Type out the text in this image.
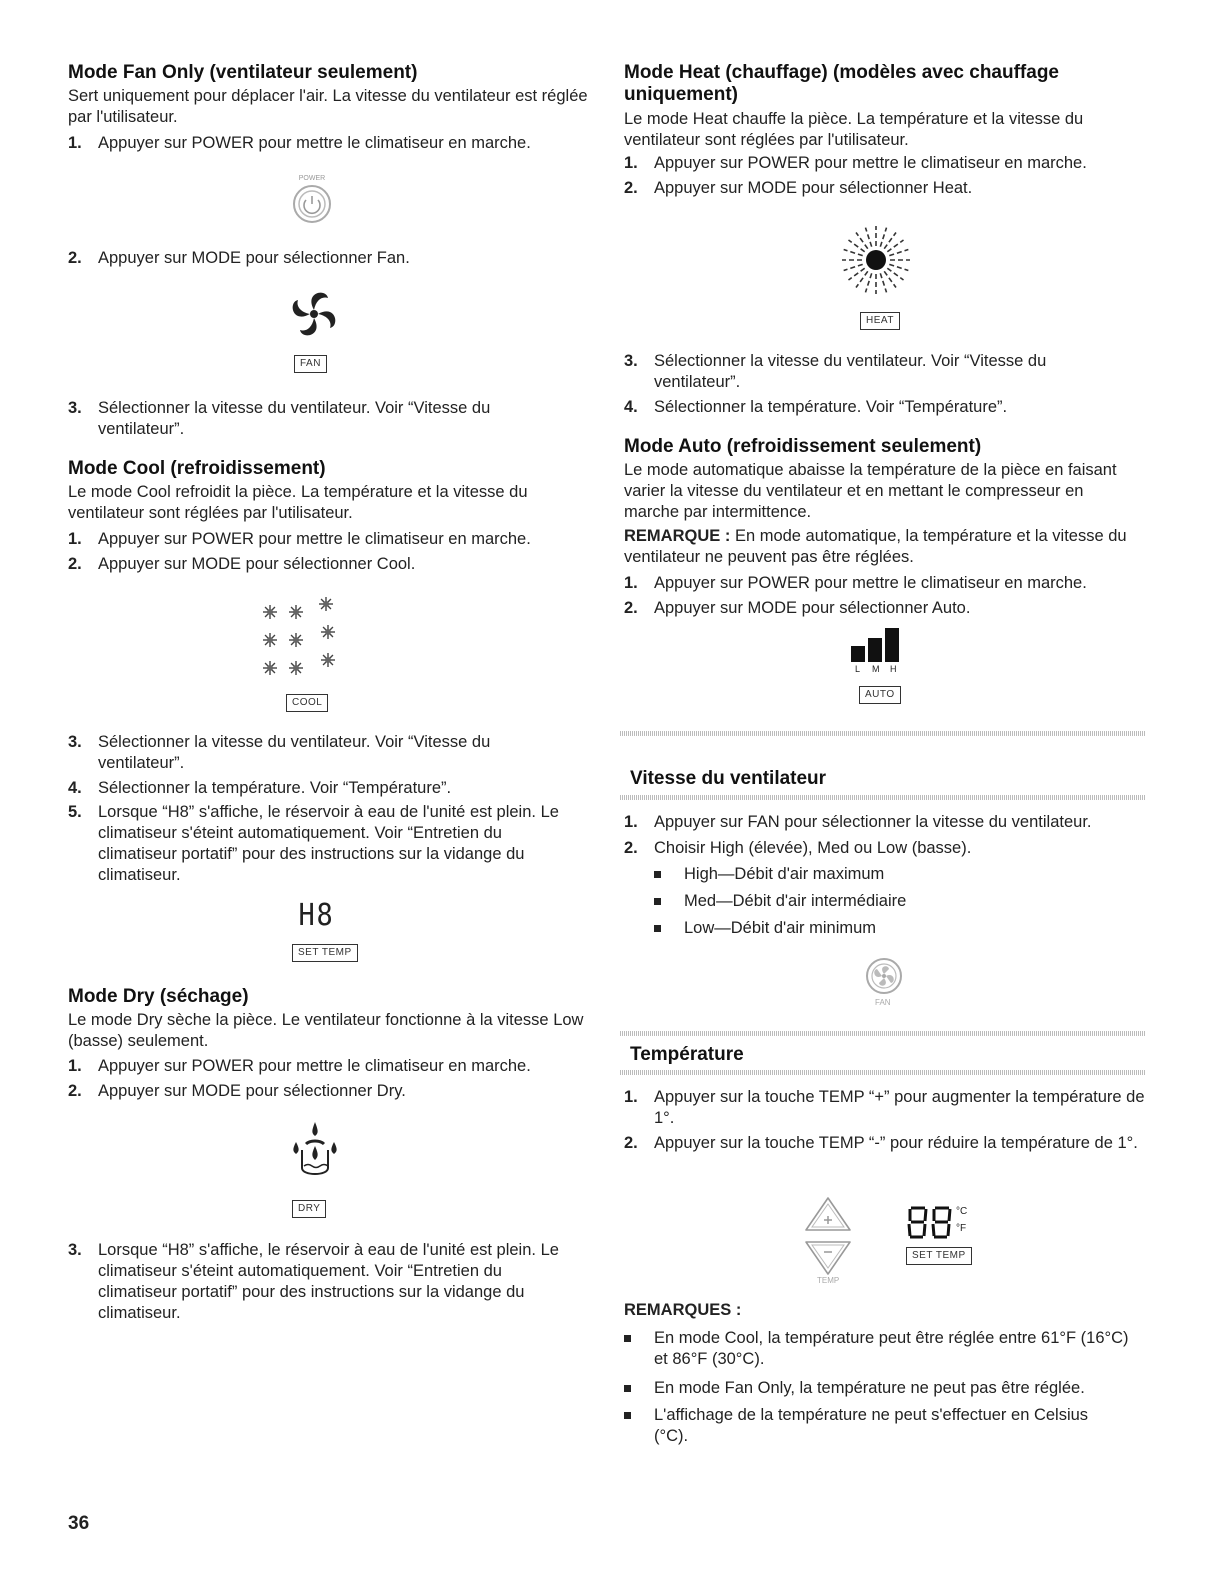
Mode Fan Only (ventilateur seulement)

Sert uniquement pour déplacer l'air. La vitesse du ventilateur est réglée par l'utilisateur.

1. Appuyer sur POWER pour mettre le climatiseur en marche.
POWER
2. Appuyer sur MODE pour sélectionner Fan.
FAN
3. Sélectionner la vitesse du ventilateur. Voir “Vitesse du ventilateur”.
Mode Cool (refroidissement)

Le mode Cool refroidit la pièce. La température et la vitesse du ventilateur sont réglées par l'utilisateur.

1. Appuyer sur POWER pour mettre le climatiseur en marche.
2. Appuyer sur MODE pour sélectionner Cool.
COOL
3. Sélectionner la vitesse du ventilateur. Voir “Vitesse du ventilateur”.
4. Sélectionner la température. Voir “Température”.
5. Lorsque “H8” s'affiche, le réservoir à eau de l'unité est plein. Le climatiseur s'éteint automatiquement. Voir “Entretien du climatiseur portatif” pour des instructions sur la vidange du climatiseur.
H8
SET TEMP
Mode Dry (séchage)

Le mode Dry sèche la pièce. Le ventilateur fonctionne à la vitesse Low (basse) seulement.

1. Appuyer sur POWER pour mettre le climatiseur en marche.
2. Appuyer sur MODE pour sélectionner Dry.
DRY
3. Lorsque “H8” s'affiche, le réservoir à eau de l'unité est plein. Le climatiseur s'éteint automatiquement. Voir “Entretien du climatiseur portatif” pour des instructions sur la vidange du climatiseur.
36
Mode Heat (chauffage) (modèles avec chauffage uniquement)

Le mode Heat chauffe la pièce. La température et la vitesse du ventilateur sont réglées par l'utilisateur.

1. Appuyer sur POWER pour mettre le climatiseur en marche.
2. Appuyer sur MODE pour sélectionner Heat.
HEAT
3. Sélectionner la vitesse du ventilateur. Voir “Vitesse du ventilateur”.
4. Sélectionner la température. Voir “Température”.
Mode Auto (refroidissement seulement)

Le mode automatique abaisse la température de la pièce en faisant varier la vitesse du ventilateur et en mettant le compresseur en marche par intermittence.

REMARQUE : En mode automatique, la température et la vitesse du ventilateur ne peuvent pas être réglées.

1. Appuyer sur POWER pour mettre le climatiseur en marche.
2. Appuyer sur MODE pour sélectionner Auto.
L M H
AUTO
Vitesse du ventilateur
1. Appuyer sur FAN pour sélectionner la vitesse du ventilateur.
2. Choisir High (élevée), Med ou Low (basse).
High—Débit d'air maximum
Med—Débit d'air intermédiaire
Low—Débit d'air minimum
FAN
Température
1. Appuyer sur la touche TEMP “+” pour augmenter la température de 1°.
2. Appuyer sur la touche TEMP “-” pour réduire la température de 1°.
TEMP
°C
°F
SET TEMP
REMARQUES :
En mode Cool, la température peut être réglée entre 61°F (16°C) et 86°F (30°C).
En mode Fan Only, la température ne peut pas être réglée.
L'affichage de la température ne peut s'effectuer en Celsius (°C).
